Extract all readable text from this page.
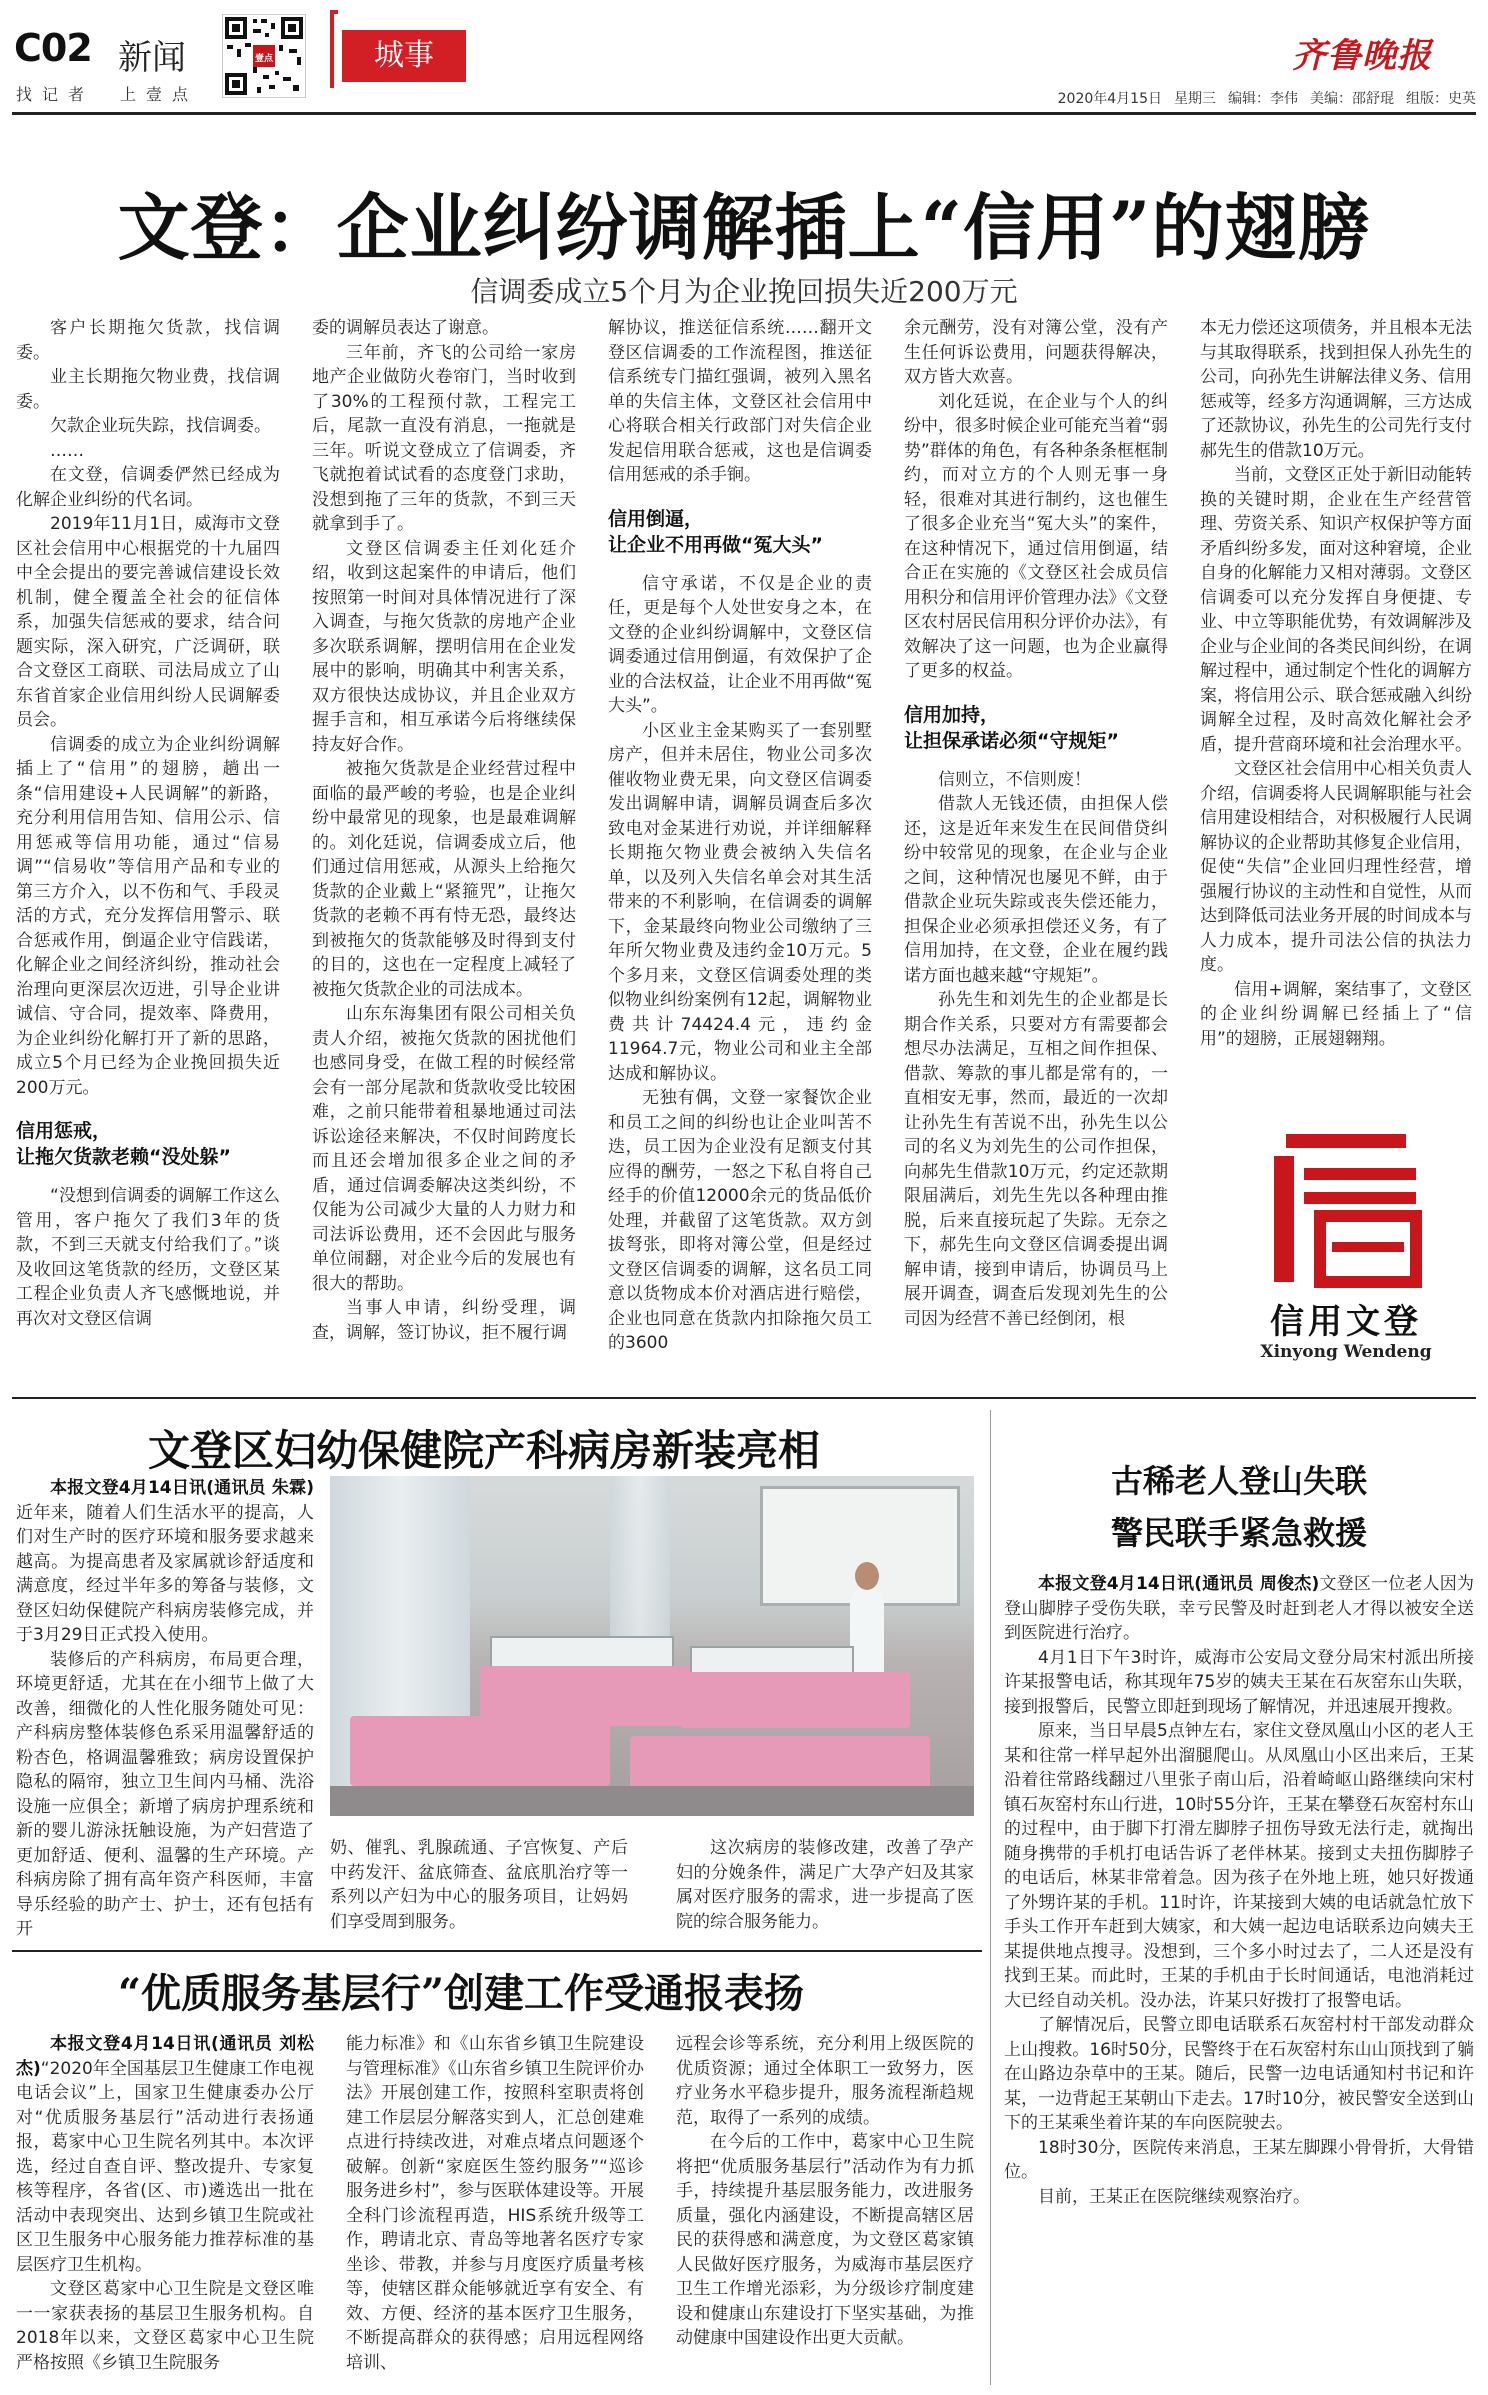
C02 新闻
找记者 上壹点
壹点	城事	齐鲁晚报
2020年4月15日 星期三 编辑：李伟 美编：邵舒琨 组版：史英
文登：企业纠纷调解插上“信用”的翅膀
信调委成立5个月为企业挽回损失近200万元

客户长期拖欠货款，找信调委。

业主长期拖欠物业费，找信调委。

欠款企业玩失踪，找信调委。

……

在文登，信调委俨然已经成为化解企业纠纷的代名词。

2019年11月1日，威海市文登区社会信用中心根据党的十九届四中全会提出的要完善诚信建设长效机制，健全覆盖全社会的征信体系，加强失信惩戒的要求，结合问题实际，深入研究，广泛调研，联合文登区工商联、司法局成立了山东省首家企业信用纠纷人民调解委员会。

信调委的成立为企业纠纷调解插上了“信用”的翅膀，趟出一条“信用建设+人民调解”的新路，充分利用信用告知、信用公示、信用惩戒等信用功能，通过“信易调”“信易收”等信用产品和专业的第三方介入，以不伤和气、手段灵活的方式，充分发挥信用警示、联合惩戒作用，倒逼企业守信践诺，化解企业之间经济纠纷，推动社会治理向更深层次迈进，引导企业讲诚信、守合同，提效率、降费用，为企业纠纷化解打开了新的思路，成立5个月已经为企业挽回损失近200万元。

信用惩戒，
让拖欠货款老赖“没处躲”

“没想到信调委的调解工作这么管用，客户拖欠了我们3年的货款，不到三天就支付给我们了。”谈及收回这笔货款的经历，文登区某工程企业负责人齐飞感慨地说，并再次对文登区信调

委的调解员表达了谢意。

三年前，齐飞的公司给一家房地产企业做防火卷帘门，当时收到了30%的工程预付款，工程完工后，尾款一直没有消息，一拖就是三年。听说文登成立了信调委，齐飞就抱着试试看的态度登门求助，没想到拖了三年的货款，不到三天就拿到手了。

文登区信调委主任刘化廷介绍，收到这起案件的申请后，他们按照第一时间对具体情况进行了深入调查，与拖欠货款的房地产企业多次联系调解，摆明信用在企业发展中的影响，明确其中利害关系，双方很快达成协议，并且企业双方握手言和，相互承诺今后将继续保持友好合作。

被拖欠货款是企业经营过程中面临的最严峻的考验，也是企业纠纷中最常见的现象，也是最难调解的。刘化廷说，信调委成立后，他们通过信用惩戒，从源头上给拖欠货款的企业戴上“紧箍咒”，让拖欠货款的老赖不再有恃无恐，最终达到被拖欠的货款能够及时得到支付的目的，这也在一定程度上减轻了被拖欠货款企业的司法成本。

山东东海集团有限公司相关负责人介绍，被拖欠货款的困扰他们也感同身受，在做工程的时候经常会有一部分尾款和货款收受比较困难，之前只能带着租暴地通过司法诉讼途径来解决，不仅时间跨度长而且还会增加很多企业之间的矛盾，通过信调委解决这类纠纷，不仅能为公司减少大量的人力财力和司法诉讼费用，还不会因此与服务单位闹翻，对企业今后的发展也有很大的帮助。

当事人申请，纠纷受理，调查，调解，签订协议，拒不履行调

解协议，推送征信系统……翻开文登区信调委的工作流程图，推送征信系统专门描红强调，被列入黑名单的失信主体，文登区社会信用中心将联合相关行政部门对失信企业发起信用联合惩戒，这也是信调委信用惩戒的杀手锏。

信用倒逼，
让企业不用再做“冤大头”

信守承诺，不仅是企业的责任，更是每个人处世安身之本，在文登的企业纠纷调解中，文登区信调委通过信用倒逼，有效保护了企业的合法权益，让企业不用再做“冤大头”。

小区业主金某购买了一套别墅房产，但并未居住，物业公司多次催收物业费无果，向文登区信调委发出调解申请，调解员调查后多次致电对金某进行劝说，并详细解释长期拖欠物业费会被纳入失信名单，以及列入失信名单会对其生活带来的不利影响，在信调委的调解下，金某最终向物业公司缴纳了三年所欠物业费及违约金10万元。5个多月来，文登区信调委处理的类似物业纠纷案例有12起，调解物业费共计74424.4元，违约金11964.7元，物业公司和业主全部达成和解协议。

无独有偶，文登一家餐饮企业和员工之间的纠纷也让企业叫苦不迭，员工因为企业没有足额支付其应得的酬劳，一怒之下私自将自己经手的价值12000余元的货品低价处理，并截留了这笔货款。双方剑拔弩张，即将对簿公堂，但是经过文登区信调委的调解，这名员工同意以货物成本价对酒店进行赔偿，企业也同意在货款内扣除拖欠员工的3600

余元酬劳，没有对簿公堂，没有产生任何诉讼费用，问题获得解决，双方皆大欢喜。

刘化廷说，在企业与个人的纠纷中，很多时候企业可能充当着“弱势”群体的角色，有各种条条框框制约，而对立方的个人则无事一身轻，很难对其进行制约，这也催生了很多企业充当“冤大头”的案件，在这种情况下，通过信用倒逼，结合正在实施的《文登区社会成员信用积分和信用评价管理办法》《文登区农村居民信用积分评价办法》，有效解决了这一问题，也为企业赢得了更多的权益。

信用加持，
让担保承诺必须“守规矩”

信则立，不信则废！

借款人无钱还债，由担保人偿还，这是近年来发生在民间借贷纠纷中较常见的现象，在企业与企业之间，这种情况也屡见不鲜，由于借款企业玩失踪或丧失偿还能力，担保企业必须承担偿还义务，有了信用加持，在文登，企业在履约践诺方面也越来越“守规矩”。

孙先生和刘先生的企业都是长期合作关系，只要对方有需要都会想尽办法满足，互相之间作担保、借款、筹款的事儿都是常有的，一直相安无事，然而，最近的一次却让孙先生有苦说不出，孙先生以公司的名义为刘先生的公司作担保，向郝先生借款10万元，约定还款期限届满后，刘先生先以各种理由推脱，后来直接玩起了失踪。无奈之下，郝先生向文登区信调委提出调解申请，接到申请后，协调员马上展开调查，调查后发现刘先生的公司因为经营不善已经倒闭，根

本无力偿还这项债务，并且根本无法与其取得联系，找到担保人孙先生的公司，向孙先生讲解法律义务、信用惩戒等，经多方沟通调解，三方达成了还款协议，孙先生的公司先行支付郝先生的借款10万元。

当前，文登区正处于新旧动能转换的关键时期，企业在生产经营管理、劳资关系、知识产权保护等方面矛盾纠纷多发，面对这种窘境，企业自身的化解能力又相对薄弱。文登区信调委可以充分发挥自身便捷、专业、中立等职能优势，有效调解涉及企业与企业间的各类民间纠纷，在调解过程中，通过制定个性化的调解方案，将信用公示、联合惩戒融入纠纷调解全过程，及时高效化解社会矛盾，提升营商环境和社会治理水平。

文登区社会信用中心相关负责人介绍，信调委将人民调解职能与社会信用建设相结合，对积极履行人民调解协议的企业帮助其修复企业信用，促使“失信”企业回归理性经营，增强履行协议的主动性和自觉性，从而达到降低司法业务开展的时间成本与人力成本，提升司法公信的执法力度。

信用+调解，案结事了，文登区的企业纠纷调解已经插上了“信用”的翅膀，正展翅翱翔。

信用文登
Xinyong Wendeng
文登区妇幼保健院产科病房新装亮相

本报文登4月14日讯(通讯员 朱霖)近年来，随着人们生活水平的提高，人们对生产时的医疗环境和服务要求越来越高。为提高患者及家属就诊舒适度和满意度，经过半年多的筹备与装修，文登区妇幼保健院产科病房装修完成，并于3月29日正式投入使用。

装修后的产科病房，布局更合理，环境更舒适，尤其在在小细节上做了大改善，细微化的人性化服务随处可见：产科病房整体装修色系采用温馨舒适的粉杏色，格调温馨雅致；病房设置保护隐私的隔帘，独立卫生间内马桶、洗浴设施一应俱全；新增了病房护理系统和新的婴儿游泳抚触设施，为产妇营造了更加舒适、便利、温馨的生产环境。产科病房除了拥有高年资产科医师，丰富导乐经验的助产士、护士，还有包括有开

奶、催乳、乳腺疏通、子宫恢复、产后中药发汗、盆底筛查、盆底肌治疗等一系列以产妇为中心的服务项目，让妈妈们享受周到服务。

这次病房的装修改建，改善了孕产妇的分娩条件，满足广大孕产妇及其家属对医疗服务的需求，进一步提高了医院的综合服务能力。

“优质服务基层行”创建工作受通报表扬

本报文登4月14日讯(通讯员 刘松杰)“2020年全国基层卫生健康工作电视电话会议”上，国家卫生健康委办公厅对“优质服务基层行”活动进行表扬通报，葛家中心卫生院名列其中。本次评选，经过自查自评、整改提升、专家复核等程序，各省(区、市)遴选出一批在活动中表现突出、达到乡镇卫生院或社区卫生服务中心服务能力推荐标准的基层医疗卫生机构。

文登区葛家中心卫生院是文登区唯一一家获表扬的基层卫生服务机构。自2018年以来，文登区葛家中心卫生院严格按照《乡镇卫生院服务

能力标准》和《山东省乡镇卫生院建设与管理标准》《山东省乡镇卫生院评价办法》开展创建工作，按照科室职责将创建工作层层分解落实到人，汇总创建难点进行持续改进，对难点堵点问题逐个破解。创新“家庭医生签约服务”“巡诊服务进乡村”，参与医联体建设等。开展全科门诊流程再造，HIS系统升级等工作，聘请北京、青岛等地著名医疗专家坐诊、带教，并参与月度医疗质量考核等，使辖区群众能够就近享有安全、有效、方便、经济的基本医疗卫生服务，不断提高群众的获得感；启用远程网络培训、

远程会诊等系统，充分利用上级医院的优质资源；通过全体职工一致努力，医疗业务水平稳步提升，服务流程渐趋规范，取得了一系列的成绩。

在今后的工作中，葛家中心卫生院将把“优质服务基层行”活动作为有力抓手，持续提升基层服务能力，改进服务质量，强化内涵建设，不断提高辖区居民的获得感和满意度，为文登区葛家镇人民做好医疗服务，为威海市基层医疗卫生工作增光添彩，为分级诊疗制度建设和健康山东建设打下坚实基础，为推动健康中国建设作出更大贡献。

古稀老人登山失联
警民联手紧急救援

本报文登4月14日讯(通讯员 周俊杰)文登区一位老人因为登山脚脖子受伤失联，幸亏民警及时赶到老人才得以被安全送到医院进行治疗。

4月1日下午3时许，威海市公安局文登分局宋村派出所接许某报警电话，称其现年75岁的姨夫王某在石灰窑东山失联，接到报警后，民警立即赶到现场了解情况，并迅速展开搜救。

原来，当日早晨5点钟左右，家住文登凤凰山小区的老人王某和往常一样早起外出溜腿爬山。从凤凰山小区出来后，王某沿着往常路线翻过八里张子南山后，沿着崎岖山路继续向宋村镇石灰窑村东山行进，10时55分许，王某在攀登石灰窑村东山的过程中，由于脚下打滑左脚脖子扭伤导致无法行走，就掏出随身携带的手机打电话告诉了老伴林某。接到丈夫扭伤脚脖子的电话后，林某非常着急。因为孩子在外地上班，她只好拨通了外甥许某的手机。11时许，许某接到大姨的电话就急忙放下手头工作开车赶到大姨家，和大姨一起边电话联系边向姨夫王某提供地点搜寻。没想到，三个多小时过去了，二人还是没有找到王某。而此时，王某的手机由于长时间通话，电池消耗过大已经自动关机。没办法，许某只好拨打了报警电话。

了解情况后，民警立即电话联系石灰窑村村干部发动群众上山搜救。16时50分，民警终于在石灰窑村东山山顶找到了躺在山路边杂草中的王某。随后，民警一边电话通知村书记和许某，一边背起王某朝山下走去。17时10分，被民警安全送到山下的王某乘坐着许某的车向医院驶去。

18时30分，医院传来消息，王某左脚踝小骨骨折，大骨错位。

目前，王某正在医院继续观察治疗。
